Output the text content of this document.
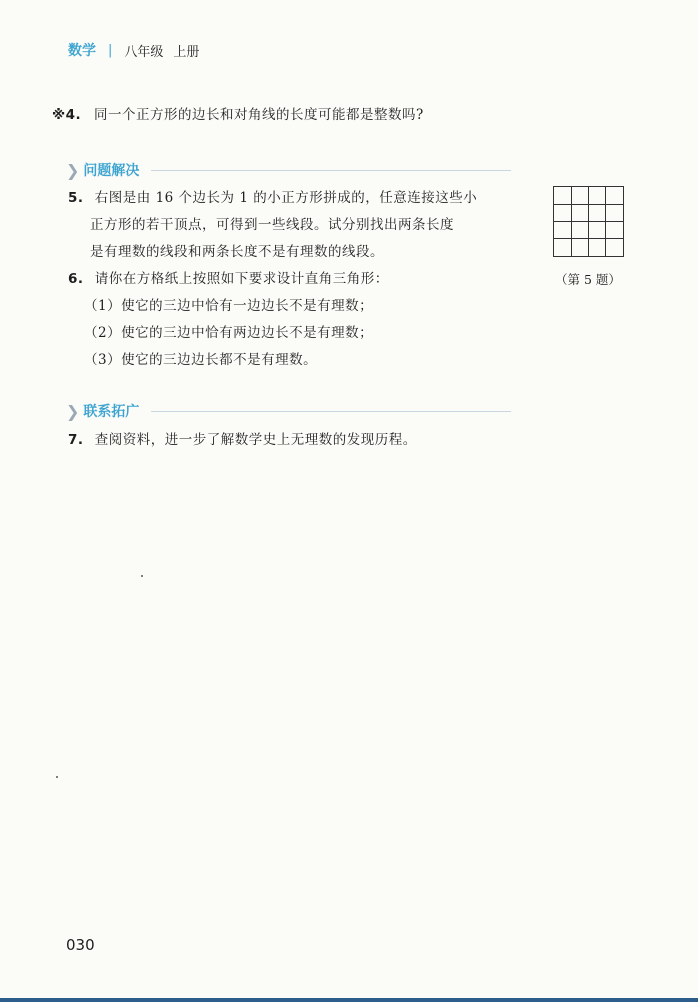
数学 | 八年级 上册
※4. 同一个正方形的边长和对角线的长度可能都是整数吗?
❯ 问题解决
5. 右图是由 16 个边长为 1 的小正方形拼成的，任意连接这些小
正方形的若干顶点，可得到一些线段。试分别找出两条长度
是有理数的线段和两条长度不是有理数的线段。
（第 5 题）
6. 请你在方格纸上按照如下要求设计直角三角形：
（1）使它的三边中恰有一边边长不是有理数；
（2）使它的三边中恰有两边边长不是有理数；
（3）使它的三边边长都不是有理数。
❯ 联系拓广
7. 查阅资料，进一步了解数学史上无理数的发现历程。
030
